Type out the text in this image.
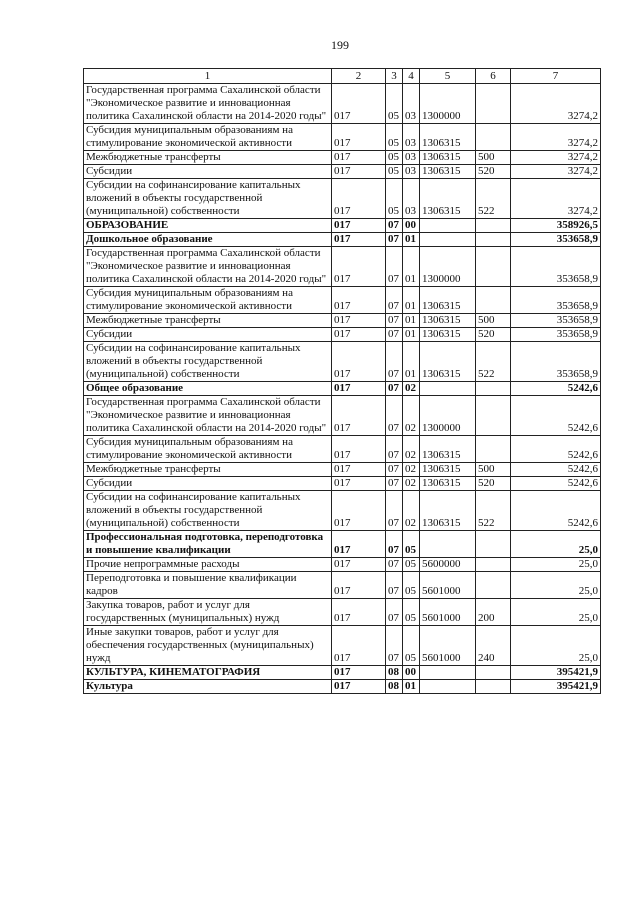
199
1	2	3	4	5	6	7
Государственная программа Сахалинской области "Экономическое развитие и инновационная политика Сахалинской области на 2014-2020 годы"	017	05	03	1300000		3274,2
Субсидия муниципальным образованиям на стимулирование экономической активности	017	05	03	1306315		3274,2
Межбюджетные трансферты	017	05	03	1306315	500	3274,2
Субсидии	017	05	03	1306315	520	3274,2
Субсидии на софинансирование капитальных вложений в объекты государственной (муниципальной) собственности	017	05	03	1306315	522	3274,2
ОБРАЗОВАНИЕ	017	07	00			358926,5
Дошкольное образование	017	07	01			353658,9
Государственная программа Сахалинской области "Экономическое развитие и инновационная политика Сахалинской области на 2014-2020 годы"	017	07	01	1300000		353658,9
Субсидия муниципальным образованиям на стимулирование экономической активности	017	07	01	1306315		353658,9
Межбюджетные трансферты	017	07	01	1306315	500	353658,9
Субсидии	017	07	01	1306315	520	353658,9
Субсидии на софинансирование капитальных вложений в объекты государственной (муниципальной) собственности	017	07	01	1306315	522	353658,9
Общее образование	017	07	02			5242,6
Государственная программа Сахалинской области "Экономическое развитие и инновационная политика Сахалинской области на 2014-2020 годы"	017	07	02	1300000		5242,6
Субсидия муниципальным образованиям на стимулирование экономической активности	017	07	02	1306315		5242,6
Межбюджетные трансферты	017	07	02	1306315	500	5242,6
Субсидии	017	07	02	1306315	520	5242,6
Субсидии на софинансирование капитальных вложений в объекты государственной (муниципальной) собственности	017	07	02	1306315	522	5242,6
Профессиональная подготовка, переподготовка и повышение квалификации	017	07	05			25,0
Прочие непрограммные расходы	017	07	05	5600000		25,0
Переподготовка и повышение квалификации кадров	017	07	05	5601000		25,0
Закупка товаров, работ и услуг для государственных (муниципальных) нужд	017	07	05	5601000	200	25,0
Иные закупки товаров, работ и услуг для обеспечения государственных (муниципальных) нужд	017	07	05	5601000	240	25,0
КУЛЬТУРА, КИНЕМАТОГРАФИЯ	017	08	00			395421,9
Культура	017	08	01			395421,9
